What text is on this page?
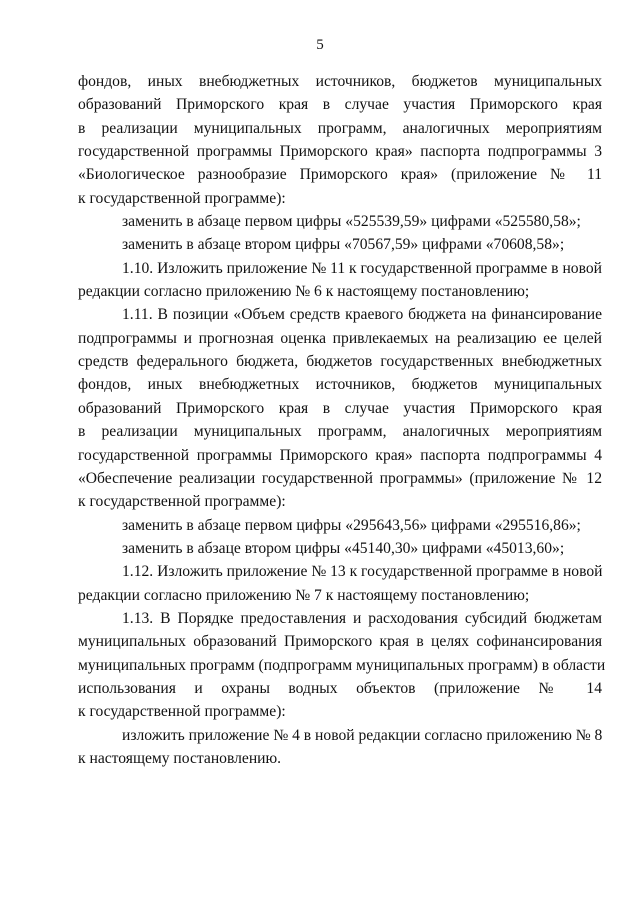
5
фондов, иных внебюджетных источников, бюджетов муниципальных
образований Приморского края в случае участия Приморского края
в реализации муниципальных программ, аналогичных мероприятиям
государственной программы Приморского края» паспорта подпрограммы 3
«Биологическое разнообразие Приморского края» (приложение № 11
к государственной программе):
заменить в абзаце первом цифры «525539,59» цифрами «525580,58»;
заменить в абзаце втором цифры «70567,59» цифрами «70608,58»;
1.10. Изложить приложение № 11 к государственной программе в новой
редакции согласно приложению № 6 к настоящему постановлению;
1.11. В позиции «Объем средств краевого бюджета на финансирование
подпрограммы и прогнозная оценка привлекаемых на реализацию ее целей
средств федерального бюджета, бюджетов государственных внебюджетных
фондов, иных внебюджетных источников, бюджетов муниципальных
образований Приморского края в случае участия Приморского края
в реализации муниципальных программ, аналогичных мероприятиям
государственной программы Приморского края» паспорта подпрограммы 4
«Обеспечение реализации государственной программы» (приложение № 12
к государственной программе):
заменить в абзаце первом цифры «295643,56» цифрами «295516,86»;
заменить в абзаце втором цифры «45140,30» цифрами «45013,60»;
1.12. Изложить приложение № 13 к государственной программе в новой
редакции согласно приложению № 7 к настоящему постановлению;
1.13. В Порядке предоставления и расходования субсидий бюджетам
муниципальных образований Приморского края в целях софинансирования
муниципальных программ (подпрограмм муниципальных программ) в области
использования и охраны водных объектов (приложение № 14
к государственной программе):
изложить приложение № 4 в новой редакции согласно приложению № 8
к настоящему постановлению.
